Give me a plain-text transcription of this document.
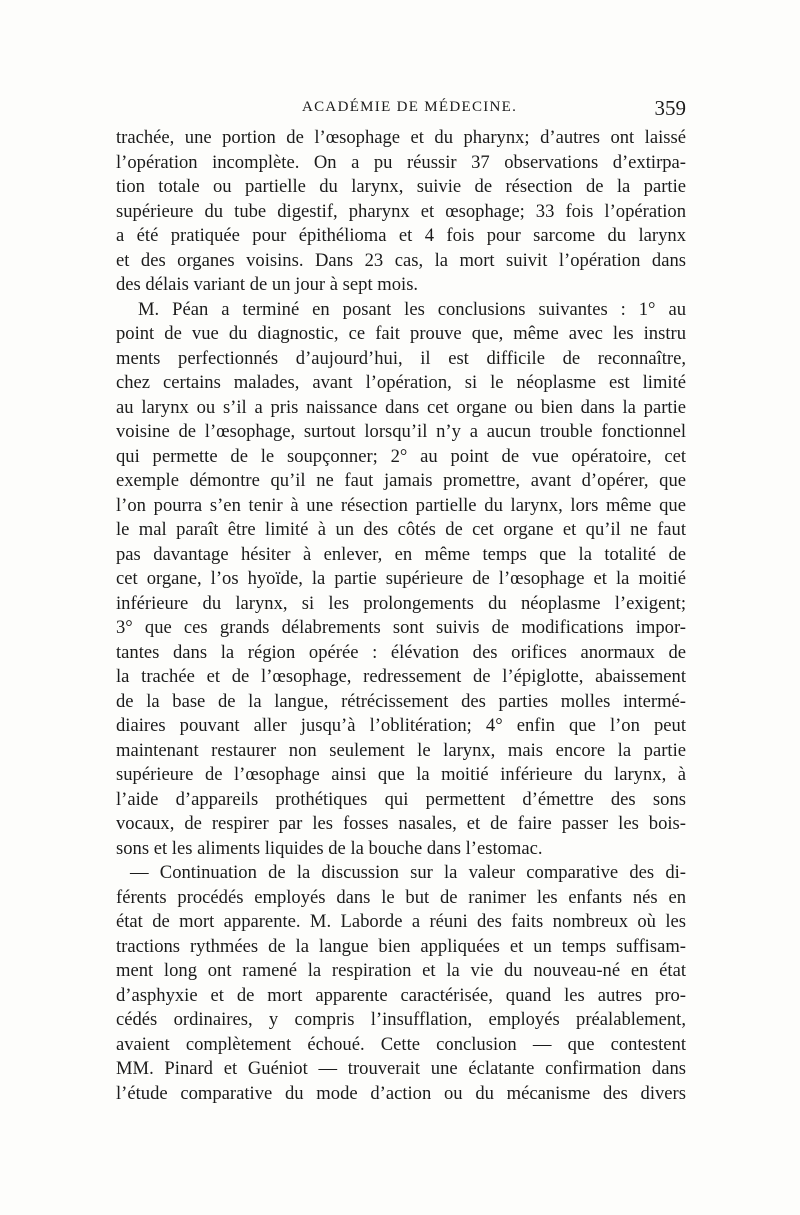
ACADÉMIE DE MÉDECINE.	359
trachée, une portion de l’œsophage et du pharynx; d’autres ont laissé
l’opération incomplète. On a pu réussir 37 observations d’extirpa-
tion totale ou partielle du larynx, suivie de résection de la partie
supérieure du tube digestif, pharynx et œsophage; 33 fois l’opération
a été pratiquée pour épithélioma et 4 fois pour sarcome du larynx
et des organes voisins. Dans 23 cas, la mort suivit l’opération dans
des délais variant de un jour à sept mois.
M. Péan a terminé en posant les conclusions suivantes : 1° au
point de vue du diagnostic, ce fait prouve que, même avec les instru
ments perfectionnés d’aujourd’hui, il est difficile de reconnaître,
chez certains malades, avant l’opération, si le néoplasme est limité
au larynx ou s’il a pris naissance dans cet organe ou bien dans la partie
voisine de l’œsophage, surtout lorsqu’il n’y a aucun trouble fonctionnel
qui permette de le soupçonner; 2° au point de vue opératoire, cet
exemple démontre qu’il ne faut jamais promettre, avant d’opérer, que
l’on pourra s’en tenir à une résection partielle du larynx, lors même que
le mal paraît être limité à un des côtés de cet organe et qu’il ne faut
pas davantage hésiter à enlever, en même temps que la totalité de
cet organe, l’os hyoïde, la partie supérieure de l’œsophage et la moitié
inférieure du larynx, si les prolongements du néoplasme l’exigent;
3° que ces grands délabrements sont suivis de modifications impor-
tantes dans la région opérée : élévation des orifices anormaux de
la trachée et de l’œsophage, redressement de l’épiglotte, abaissement
de la base de la langue, rétrécissement des parties molles intermé-
diaires pouvant aller jusqu’à l’oblitération; 4° enfin que l’on peut
maintenant restaurer non seulement le larynx, mais encore la partie
supérieure de l’œsophage ainsi que la moitié inférieure du larynx, à
l’aide d’appareils prothétiques qui permettent d’émettre des sons
vocaux, de respirer par les fosses nasales, et de faire passer les bois-
sons et les aliments liquides de la bouche dans l’estomac.
— Continuation de la discussion sur la valeur comparative des di-
férents procédés employés dans le but de ranimer les enfants nés en
état de mort apparente. M. Laborde a réuni des faits nombreux où les
tractions rythmées de la langue bien appliquées et un temps suffisam-
ment long ont ramené la respiration et la vie du nouveau-né en état
d’asphyxie et de mort apparente caractérisée, quand les autres pro-
cédés ordinaires, y compris l’insufflation, employés préalablement,
avaient complètement échoué. Cette conclusion — que contestent
MM. Pinard et Guéniot — trouverait une éclatante confirmation dans
l’étude comparative du mode d’action ou du mécanisme des divers
